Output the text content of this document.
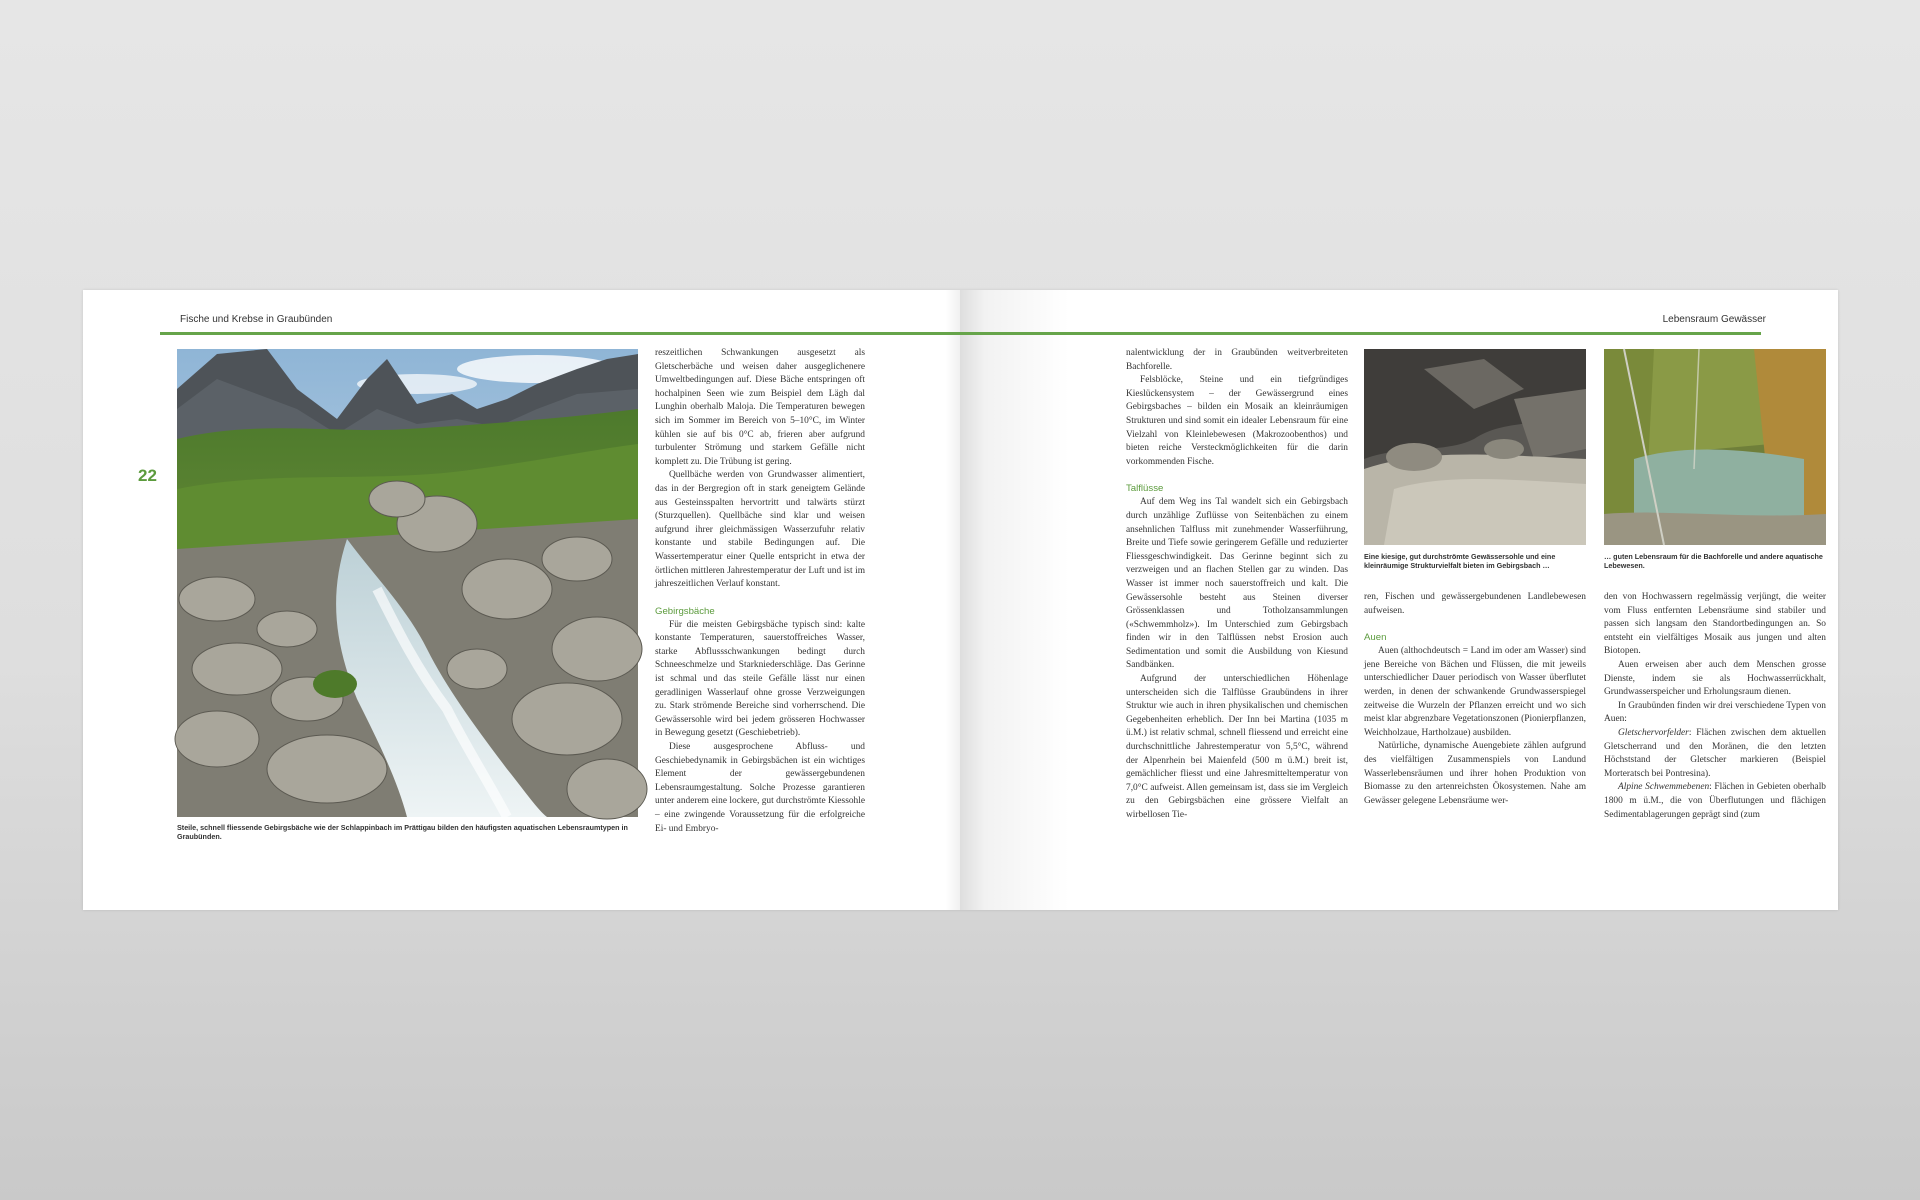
Fische und Krebse in Graubünden
22
Steile, schnell fliessende Gebirgsbäche wie der Schlappinbach im Prättigau bilden den häufigsten aquatischen Lebensraumtypen in Graubünden.

reszeitlichen Schwankungen ausgesetzt als Gletscherbäche und weisen daher ausgeglichenere Umweltbedingungen auf. Diese Bäche entspringen oft hochalpinen Seen wie zum Beispiel dem Lägh dal Lunghin oberhalb Maloja. Die Temperaturen bewegen sich im Sommer im Bereich von 5–10°C, im Winter kühlen sie auf bis 0°C ab, frieren aber aufgrund turbulenter Strömung und starkem Gefälle nicht komplett zu. Die Trübung ist gering.

Quellbäche werden von Grundwasser alimentiert, das in der Bergregion oft in stark geneigtem Gelände aus Gesteinsspalten hervortritt und talwärts stürzt (Sturzquellen). Quellbäche sind klar und weisen aufgrund ihrer gleichmässigen Wasserzufuhr relativ konstante und stabile Bedingungen auf. Die Wassertemperatur einer Quelle entspricht in etwa der örtlichen mittleren Jahrestemperatur der Luft und ist im jahreszeitlichen Verlauf konstant.

Gebirgsbäche

Für die meisten Gebirgsbäche typisch sind: kalte konstante Temperaturen, sauerstoffreiches Wasser, starke Abflussschwankungen bedingt durch Schneeschmelze und Starkniederschläge. Das Gerinne ist schmal und das steile Gefälle lässt nur einen geradlinigen Wasserlauf ohne grosse Verzweigungen zu. Stark strömende Bereiche sind vorherrschend. Die Gewässersohle wird bei jedem grösseren Hochwasser in Bewegung gesetzt (Geschiebetrieb).

Diese ausgesprochene Abfluss- und Geschiebedynamik in Gebirgsbächen ist ein wichtiges Element der gewässergebundenen Lebensraumgestaltung. Solche Prozesse garantieren unter anderem eine lockere, gut durchströmte Kiessohle – eine zwingende Voraussetzung für die erfolgreiche Ei- und Embryo-

Lebensraum Gewässer

nalentwicklung der in Graubünden weitverbreiteten Bachforelle.

Felsblöcke, Steine und ein tiefgründiges Kieslückensystem – der Gewässergrund eines Gebirgsbaches – bilden ein Mosaik an kleinräumigen Strukturen und sind somit ein idealer Lebensraum für eine Vielzahl von Kleinlebewesen (Makrozoobenthos) und bieten reiche Versteckmöglichkeiten für die darin vorkommenden Fische.

Talflüsse

Auf dem Weg ins Tal wandelt sich ein Gebirgsbach durch unzählige Zuflüsse von Seitenbächen zu einem ansehnlichen Talfluss mit zunehmender Wasserführung, Breite und Tiefe sowie geringerem Gefälle und reduzierter Fliessgeschwindigkeit. Das Gerinne beginnt sich zu verzweigen und an flachen Stellen gar zu winden. Das Wasser ist immer noch sauerstoffreich und kalt. Die Gewässersohle besteht aus Steinen diverser Grössenklassen und Totholzansammlungen («Schwemmholz»). Im Unterschied zum Gebirgsbach finden wir in den Talflüssen nebst Erosion auch Sedimentation und somit die Ausbildung von Kiesund Sandbänken.

Aufgrund der unterschiedlichen Höhenlage unterscheiden sich die Talflüsse Graubündens in ihrer Struktur wie auch in ihren physikalischen und chemischen Gegebenheiten erheblich. Der Inn bei Martina (1035 m ü.M.) ist relativ schmal, schnell fliessend und erreicht eine durchschnittliche Jahrestemperatur von 5,5°C, während der Alpenrhein bei Maienfeld (500 m ü.M.) breit ist, gemächlicher fliesst und eine Jahresmitteltemperatur von 7,0°C aufweist. Allen gemeinsam ist, dass sie im Vergleich zu den Gebirgsbächen eine grössere Vielfalt an wirbellosen Tie-

Eine kiesige, gut durchströmte Gewässersohle und eine kleinräumige Strukturvielfalt bieten im Gebirgsbach …
… guten Lebensraum für die Bachforelle und andere aquatische Lebewesen.

ren, Fischen und gewässergebundenen Landlebewesen aufweisen.

Auen

Auen (althochdeutsch = Land im oder am Wasser) sind jene Bereiche von Bächen und Flüssen, die mit jeweils unterschiedlicher Dauer periodisch von Wasser überflutet werden, in denen der schwankende Grundwasserspiegel zeitweise die Wurzeln der Pflanzen erreicht und wo sich meist klar abgrenzbare Vegetationszonen (Pionierpflanzen, Weichholzaue, Hartholzaue) ausbilden.

Natürliche, dynamische Auengebiete zählen aufgrund des vielfältigen Zusammenspiels von Landund Wasserlebensräumen und ihrer hohen Produktion von Biomasse zu den artenreichsten Ökosystemen. Nahe am Gewässer gelegene Lebensräume wer-

den von Hochwassern regelmässig verjüngt, die weiter vom Fluss entfernten Lebensräume sind stabiler und passen sich langsam den Standortbedingungen an. So entsteht ein vielfältiges Mosaik aus jungen und alten Biotopen.

Auen erweisen aber auch dem Menschen grosse Dienste, indem sie als Hochwasserrückhalt, Grundwasserspeicher und Erholungsraum dienen.

In Graubünden finden wir drei verschiedene Typen von Auen:

Gletschervorfelder: Flächen zwischen dem aktuellen Gletscherrand und den Moränen, die den letzten Höchststand der Gletscher markieren (Beispiel Morteratsch bei Pontresina).

Alpine Schwemmebenen: Flächen in Gebieten oberhalb 1800 m ü.M., die von Überflutungen und flächigen Sedimentablagerungen geprägt sind (zum
